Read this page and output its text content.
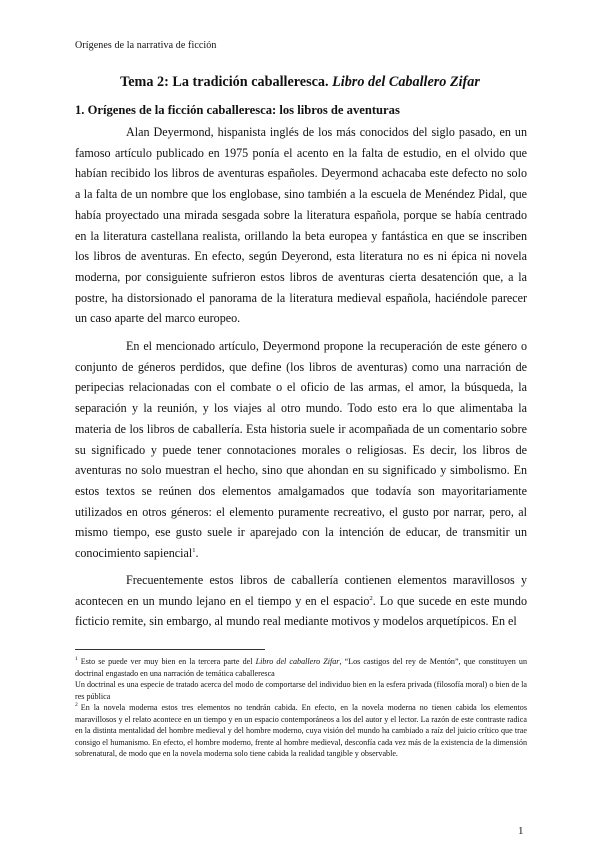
Orígenes de la narrativa de ficción
Tema 2: La tradición caballeresca. Libro del Caballero Zifar
1. Orígenes de la ficción caballeresca: los libros de aventuras

Alan Deyermond, hispanista inglés de los más conocidos del siglo pasado, en un famoso artículo publicado en 1975 ponía el acento en la falta de estudio, en el olvido que habían recibido los libros de aventuras españoles. Deyermond achacaba este defecto no solo a la falta de un nombre que los englobase, sino también a la escuela de Menéndez Pidal, que había proyectado una mirada sesgada sobre la literatura española, porque se había centrado en la literatura castellana realista, orillando la beta europea y fantástica en que se inscriben los libros de aventuras. En efecto, según Deyerond, esta literatura no es ni épica ni novela moderna, por consiguiente sufrieron estos libros de aventuras cierta desatención que, a la postre, ha distorsionado el panorama de la literatura medieval española, haciéndole parecer un caso aparte del marco europeo.

En el mencionado artículo, Deyermond propone la recuperación de este género o conjunto de géneros perdidos, que define (los libros de aventuras) como una narración de peripecias relacionadas con el combate o el oficio de las armas, el amor, la búsqueda, la separación y la reunión, y los viajes al otro mundo. Todo esto era lo que alimentaba la materia de los libros de caballería. Esta historia suele ir acompañada de un comentario sobre su significado y puede tener connotaciones morales o religiosas. Es decir, los libros de aventuras no solo muestran el hecho, sino que ahondan en su significado y simbolismo. En estos textos se reúnen dos elementos amalgamados que todavía son mayoritariamente utilizados en otros géneros: el elemento puramente recreativo, el gusto por narrar, pero, al mismo tiempo, ese gusto suele ir aparejado con la intención de educar, de transmitir un conocimiento sapiencial$^1$.

Frecuentemente estos libros de caballería contienen elementos maravillosos y acontecen en un mundo lejano en el tiempo y en el espacio$^2$. Lo que sucede en este mundo ficticio remite, sin embargo, al mundo real mediante motivos y modelos arquetípicos. En el

$^1$ Esto se puede ver muy bien en la tercera parte del Libro del caballero Zifar, “Los castigos del rey de Mentón”, que constituyen un doctrinal engastado en una narración de temática caballeresca

Un doctrinal es una especie de tratado acerca del modo de comportarse del individuo bien en la esfera privada (filosofía moral) o bien de la res pública

$^2$ En la novela moderna estos tres elementos no tendrán cabida. En efecto, en la novela moderna no tienen cabida los elementos maravillosos y el relato acontece en un tiempo y en un espacio contemporáneos a los del autor y el lector. La razón de este contraste radica en la distinta mentalidad del hombre medieval y del hombre moderno, cuya visión del mundo ha cambiado a raíz del juicio crítico que trae consigo el humanismo. En efecto, el hombre moderno, frente al hombre medieval, desconfía cada vez más de la existencia de la dimensión sobrenatural, de modo que en la novela moderna solo tiene cabida la realidad tangible y observable.

1
